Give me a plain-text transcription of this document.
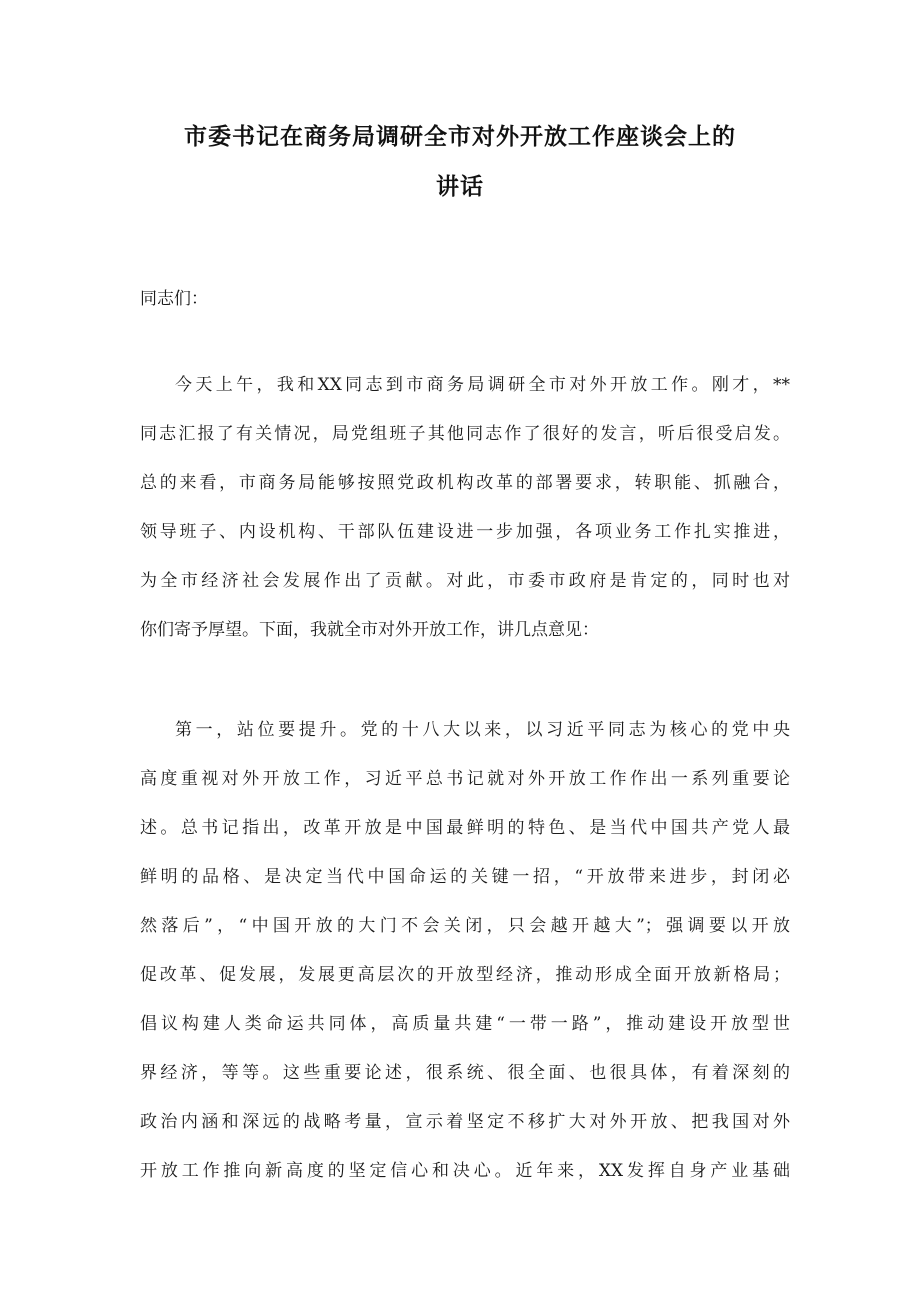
市委书记在商务局调研全市对外开放工作座谈会上的
讲话

同志们：

今天上午，我和XX同志到市商务局调研全市对外开放工作。刚才，**
同志汇报了有关情况，局党组班子其他同志作了很好的发言，听后很受启发。
总的来看，市商务局能够按照党政机构改革的部署要求，转职能、抓融合，
领导班子、内设机构、干部队伍建设进一步加强，各项业务工作扎实推进，
为全市经济社会发展作出了贡献。对此，市委市政府是肯定的，同时也对
你们寄予厚望。下面，我就全市对外开放工作，讲几点意见：
第一，站位要提升。党的十八大以来，以习近平同志为核心的党中央
高度重视对外开放工作，习近平总书记就对外开放工作作出一系列重要论
述。总书记指出，改革开放是中国最鲜明的特色、是当代中国共产党人最
鲜明的品格、是决定当代中国命运的关键一招，“开放带来进步，封闭必
然落后”，“中国开放的大门不会关闭，只会越开越大”；强调要以开放
促改革、促发展，发展更高层次的开放型经济，推动形成全面开放新格局；
倡议构建人类命运共同体，高质量共建“一带一路”，推动建设开放型世
界经济，等等。这些重要论述，很系统、很全面、也很具体，有着深刻的
政治内涵和深远的战略考量，宣示着坚定不移扩大对外开放、把我国对外
开放工作推向新高度的坚定信心和决心。近年来，XX发挥自身产业基础
